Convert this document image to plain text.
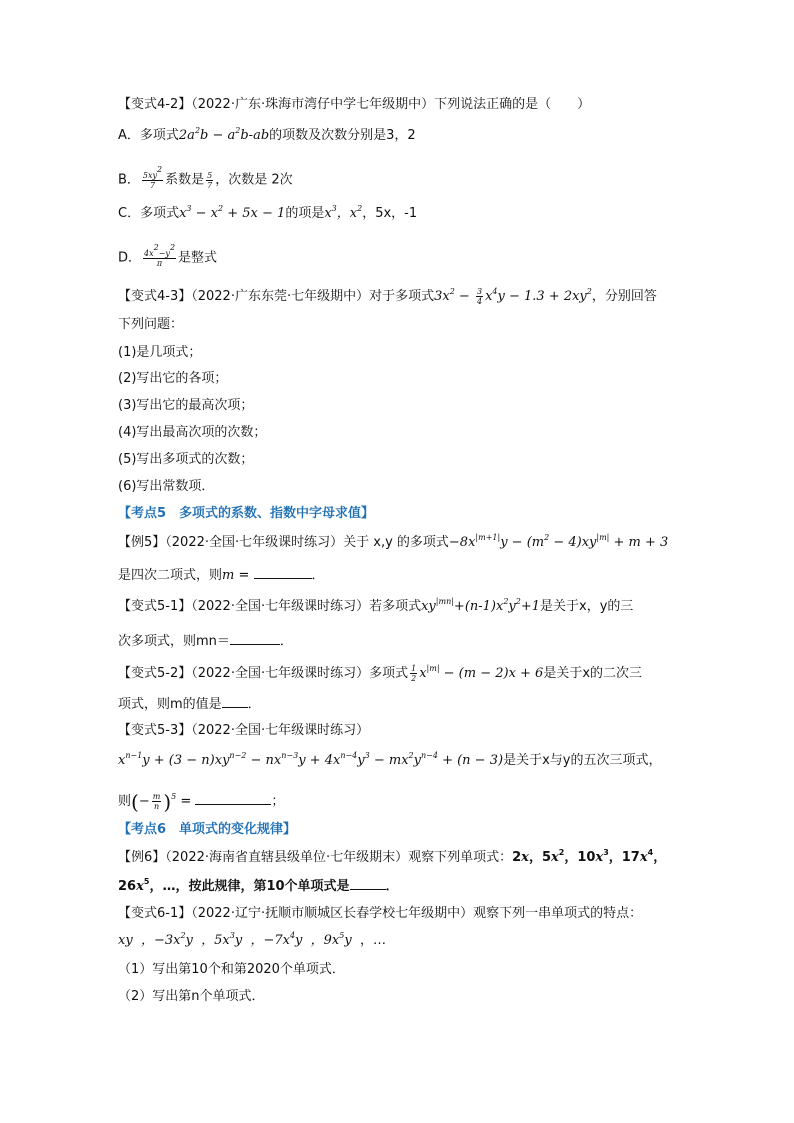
【变式4-2】（2022·广东·珠海市湾仔中学七年级期中）下列说法正确的是（　　）
A．多项式$2a^2b - a^2b-ab$的项数及次数分别是3，2
B． $\frac{5xy^2}{7}$ 系数是 $\frac{5}{7}$ ，次数是 2次
C．多项式$x^3 - x^2 + 5x - 1$的项是$x^3$，$x^2$，5x，-1
D． $\frac{4x^2-y^2}{\pi}$ 是整式
【变式4-3】（2022·广东东莞·七年级期中）对于多项式$3x^2 - \frac{3}{4} x^4y - 1.3 + 2xy^2$，分别回答
下列问题：
(1)是几项式；
(2)写出它的各项；
(3)写出它的最高次项；
(4)写出最高次项的次数；
(5)写出多项式的次数；
(6)写出常数项．
【考点5　多项式的系数、指数中字母求值】
【例5】（2022·全国·七年级课时练习）关于 x,y 的多项式$-8x^{|m+1|}y - (m^2 - 4)xy^{|m|} + m + 3$
是四次二项式，则m =	．
【变式5-1】（2022·全国·七年级课时练习）若多项式$xy^{|mn|}+(n-1)x^2y^2+1$是关于x，y的三
次多项式，则mn＝	．
【变式5-2】（2022·全国·七年级课时练习）多项式 $\frac{1}{2} x^{|m|} - (m - 2)x + 6$是关于x的二次三
项式，则m的值是 ．
【变式5-3】（2022·全国·七年级课时练习）
$x^{n-1}y + (3 - n)xy^{n-2} - nx^{n-3}y + 4x^{n-4}y^3 - mx^2y^{n-4} + (n - 3)$是关于x与y的五次三项式，
则(− $\frac{m}{n} )^5$ =	；
【考点6　单项式的变化规律】
【例6】（2022·海南省直辖县级单位·七年级期末）观察下列单项式：2x，$5x^2$，$10x^3$，$17x^4$，
$26x^5$，…，按此规律，第10个单项式是	．
【变式6-1】（2022·辽宁·抚顺市顺城区长春学校七年级期中）观察下列一串单项式的特点：
xy  ，$-3x^2y$  ，$5x^3y$  ，$-7x^4y$  ，$9x^5y$  ，…
（1）写出第10个和第2020个单项式．
（2）写出第n个单项式．
